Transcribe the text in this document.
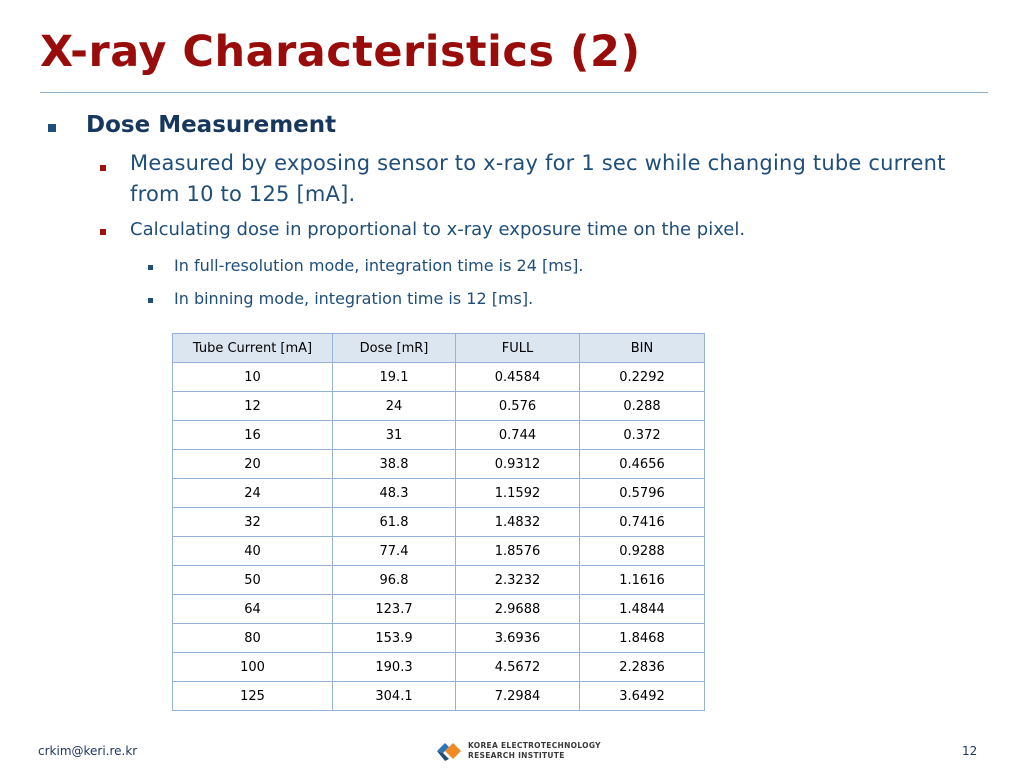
X-ray Characteristics (2)
Dose Measurement
Measured by exposing sensor to x-ray for 1 sec while changing tube current from 10 to 125 [mA].
Calculating dose in proportional to x-ray exposure time on the pixel.
In full-resolution mode, integration time is 24 [ms].
In binning mode, integration time is 12 [ms].
Tube Current [mA]	Dose [mR]	FULL	BIN
10	19.1	0.4584	0.2292
12	24	0.576	0.288
16	31	0.744	0.372
20	38.8	0.9312	0.4656
24	48.3	1.1592	0.5796
32	61.8	1.4832	0.7416
40	77.4	1.8576	0.9288
50	96.8	2.3232	1.1616
64	123.7	2.9688	1.4844
80	153.9	3.6936	1.8468
100	190.3	4.5672	2.2836
125	304.1	7.2984	3.6492
crkim@keri.re.kr	KOREA ELECTROTECHNOLOGY
RESEARCH INSTITUTE	12
